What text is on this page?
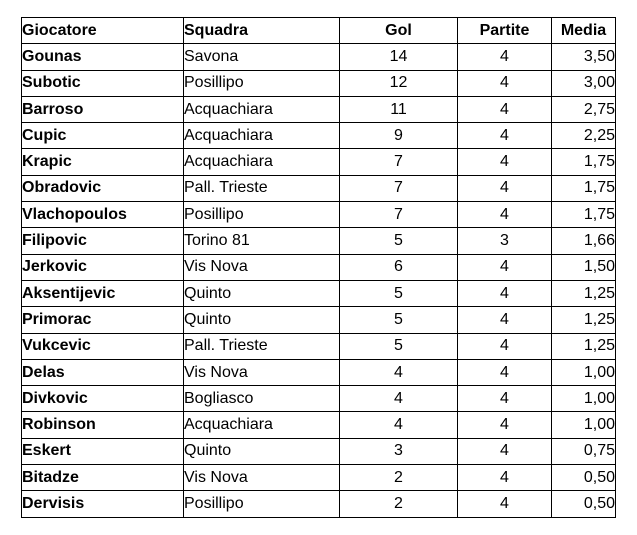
Giocatore	Squadra	Gol	Partite	Media
Gounas	Savona	14	4	3,50
Subotic	Posillipo	12	4	3,00
Barroso	Acquachiara	11	4	2,75
Cupic	Acquachiara	9	4	2,25
Krapic	Acquachiara	7	4	1,75
Obradovic	Pall. Trieste	7	4	1,75
Vlachopoulos	Posillipo	7	4	1,75
Filipovic	Torino 81	5	3	1,66
Jerkovic	Vis Nova	6	4	1,50
Aksentijevic	Quinto	5	4	1,25
Primorac	Quinto	5	4	1,25
Vukcevic	Pall. Trieste	5	4	1,25
Delas	Vis Nova	4	4	1,00
Divkovic	Bogliasco	4	4	1,00
Robinson	Acquachiara	4	4	1,00
Eskert	Quinto	3	4	0,75
Bitadze	Vis Nova	2	4	0,50
Dervisis	Posillipo	2	4	0,50
